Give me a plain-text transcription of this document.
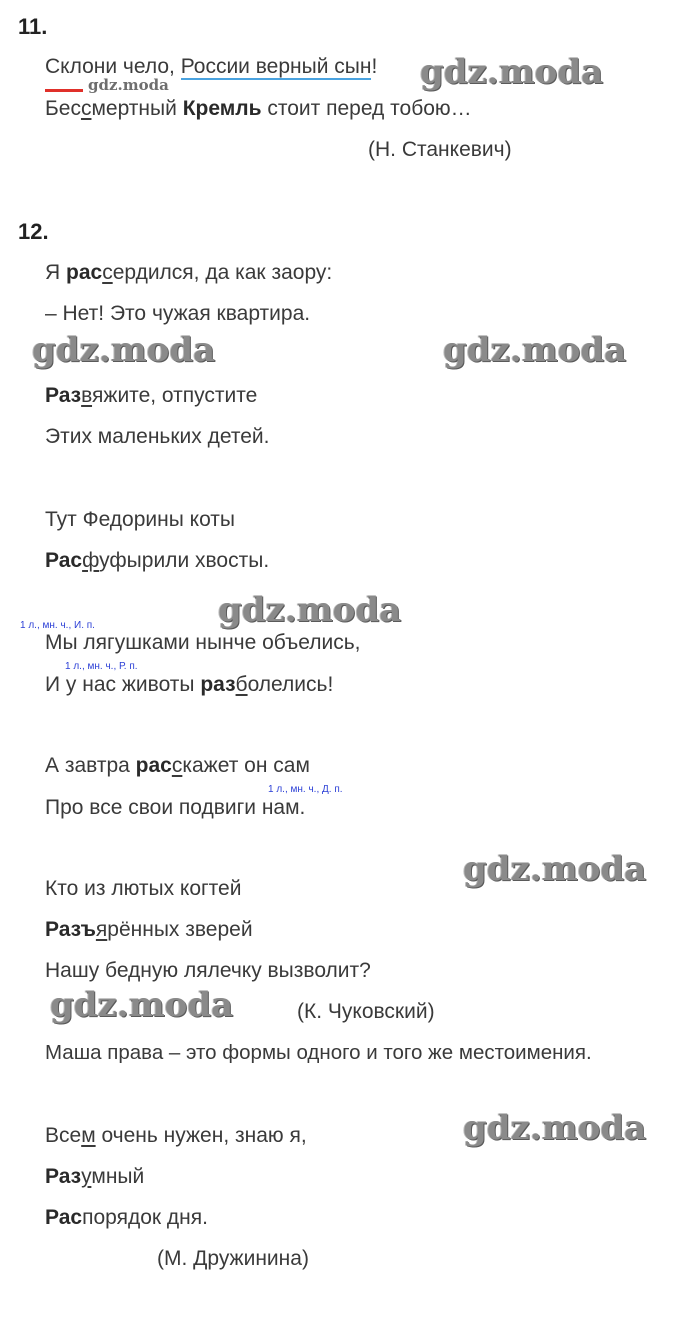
11.
Склони чело, России верный сын!
gdz.moda
Бессмертный Кремль стоит перед тобою…
(Н. Станкевич)
12.
Я рассердился, да как заору:
– Нет! Это чужая квартира.
Развяжите, отпустите
Этих маленьких детей.
Тут Федорины коты
Расфуфырили хвосты.
1 л., мн. ч., И. п.
Мы лягушками нынче объелись,
1 л., мн. ч., Р. п.
И у нас животы разболелись!
А завтра расскажет он сам
1 л., мн. ч., Д. п.
Про все свои подвиги нам.
Кто из лютых когтей
Разъярённых зверей
Нашу бедную лялечку вызволит?
(К. Чуковский)
Маша права – это формы одного и того же местоимения.
Всем очень нужен, знаю я,
Разумный
Распорядок дня.
(М. Дружинина)
gdz.moda
gdz.moda	gdz.moda
gdz.moda
gdz.moda
gdz.moda
gdz.moda
